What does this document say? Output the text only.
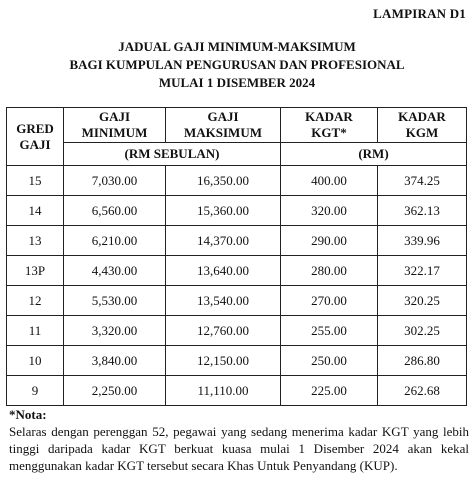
LAMPIRAN D1
JADUAL GAJI MINIMUM-MAKSIMUM
BAGI KUMPULAN PENGURUSAN DAN PROFESIONAL
MULAI 1 DISEMBER 2024
GRED GAJI	GAJI MINIMUM	GAJI MAKSIMUM	KADAR KGT*	KADAR KGM

	(RM SEBULAN)		(RM)	
15	7,030.00	16,350.00	400.00	374.25
14	6,560.00	15,360.00	320.00	362.13
13	6,210.00	14,370.00	290.00	339.96
13P	4,430.00	13,640.00	280.00	322.17
12	5,530.00	13,540.00	270.00	320.25
11	3,320.00	12,760.00	255.00	302.25
10	3,840.00	12,150.00	250.00	286.80
9	2,250.00	11,110.00	225.00	262.68
*Nota:
Selaras dengan perenggan 52, pegawai yang sedang menerima kadar KGT yang lebih tinggi daripada kadar KGT berkuat kuasa mulai 1 Disember 2024 akan kekal menggunakan kadar KGT tersebut secara Khas Untuk Penyandang (KUP).
